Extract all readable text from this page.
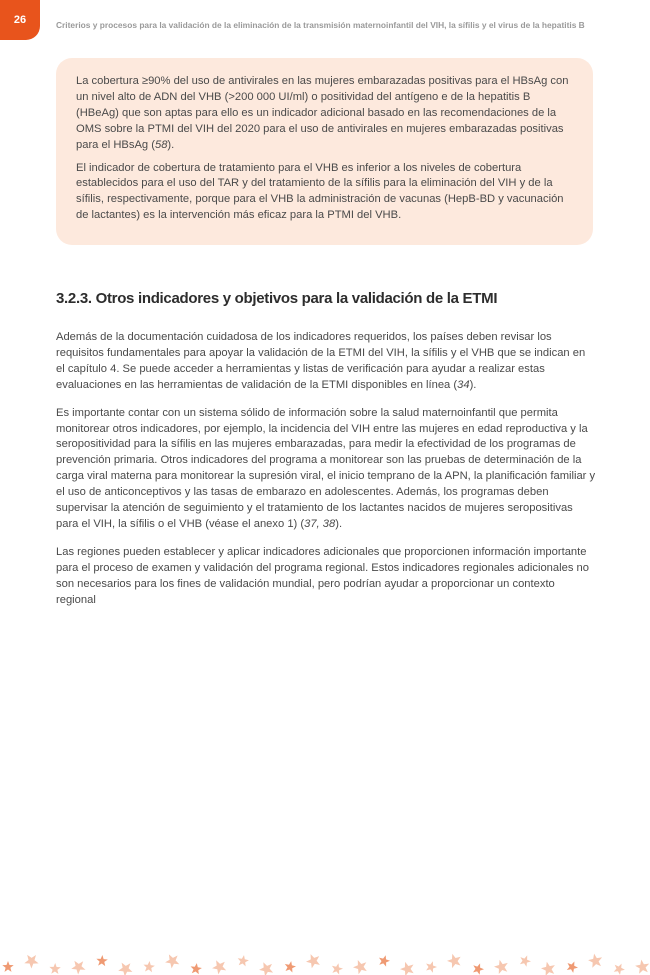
26	Criterios y procesos para la validación de la eliminación de la transmisión maternoinfantil del VIH, la sífilis y el virus de la hepatitis B

La cobertura ≥90% del uso de antivirales en las mujeres embarazadas positivas para el HBsAg con un nivel alto de ADN del VHB (>200 000 UI/ml) o positividad del antígeno e de la hepatitis B (HBeAg) que son aptas para ello es un indicador adicional basado en las recomendaciones de la OMS sobre la PTMI del VIH del 2020 para el uso de antivirales en mujeres embarazadas positivas para el HBsAg (58).

El indicador de cobertura de tratamiento para el VHB es inferior a los niveles de cobertura establecidos para el uso del TAR y del tratamiento de la sífilis para la eliminación del VIH y de la sífilis, respectivamente, porque para el VHB la administración de vacunas (HepB-BD y vacunación de lactantes) es la intervención más eficaz para la PTMI del VHB.

3.2.3. Otros indicadores y objetivos para la validación de la ETMI

Además de la documentación cuidadosa de los indicadores requeridos, los países deben revisar los requisitos fundamentales para apoyar la validación de la ETMI del VIH, la sífilis y el VHB que se indican en el capítulo 4. Se puede acceder a herramientas y listas de verificación para ayudar a realizar estas evaluaciones en las herramientas de validación de la ETMI disponibles en línea (34).

Es importante contar con un sistema sólido de información sobre la salud maternoinfantil que permita monitorear otros indicadores, por ejemplo, la incidencia del VIH entre las mujeres en edad reproductiva y la seropositividad para la sífilis en las mujeres embarazadas, para medir la efectividad de los programas de prevención primaria. Otros indicadores del programa a monitorear son las pruebas de determinación de la carga viral materna para monitorear la supresión viral, el inicio temprano de la APN, la planificación familiar y el uso de anticonceptivos y las tasas de embarazo en adolescentes. Además, los programas deben supervisar la atención de seguimiento y el tratamiento de los lactantes nacidos de mujeres seropositivas para el VIH, la sífilis o el VHB (véase el anexo 1) (37, 38).

Las regiones pueden establecer y aplicar indicadores adicionales que proporcionen información importante para el proceso de examen y validación del programa regional. Estos indicadores regionales adicionales no son necesarios para los fines de validación mundial, pero podrían ayudar a proporcionar un contexto regional
